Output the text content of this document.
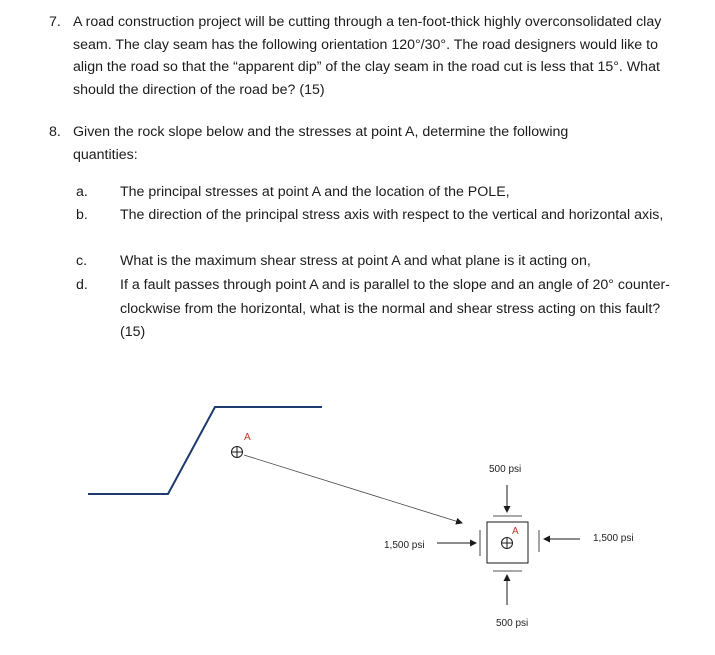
7. A road construction project will be cutting through a ten-foot-thick highly overconsolidated clay seam. The clay seam has the following orientation 120°/30°. The road designers would like to align the road so that the “apparent dip” of the clay seam in the road cut is less that 15°. What should the direction of the road be? (15)
8. Given the rock slope below and the stresses at point A, determine the following quantities:
a. The principal stresses at point A and the location of the POLE,
b. The direction of the principal stress axis with respect to the vertical and horizontal axis,
c. What is the maximum shear stress at point A and what plane is it acting on,
d. If a fault passes through point A and is parallel to the slope and an angle of 20° counter-clockwise from the horizontal, what is the normal and shear stress acting on this fault? (15)
A
A
500 psi
500 psi
1,500 psi
1,500 psi
